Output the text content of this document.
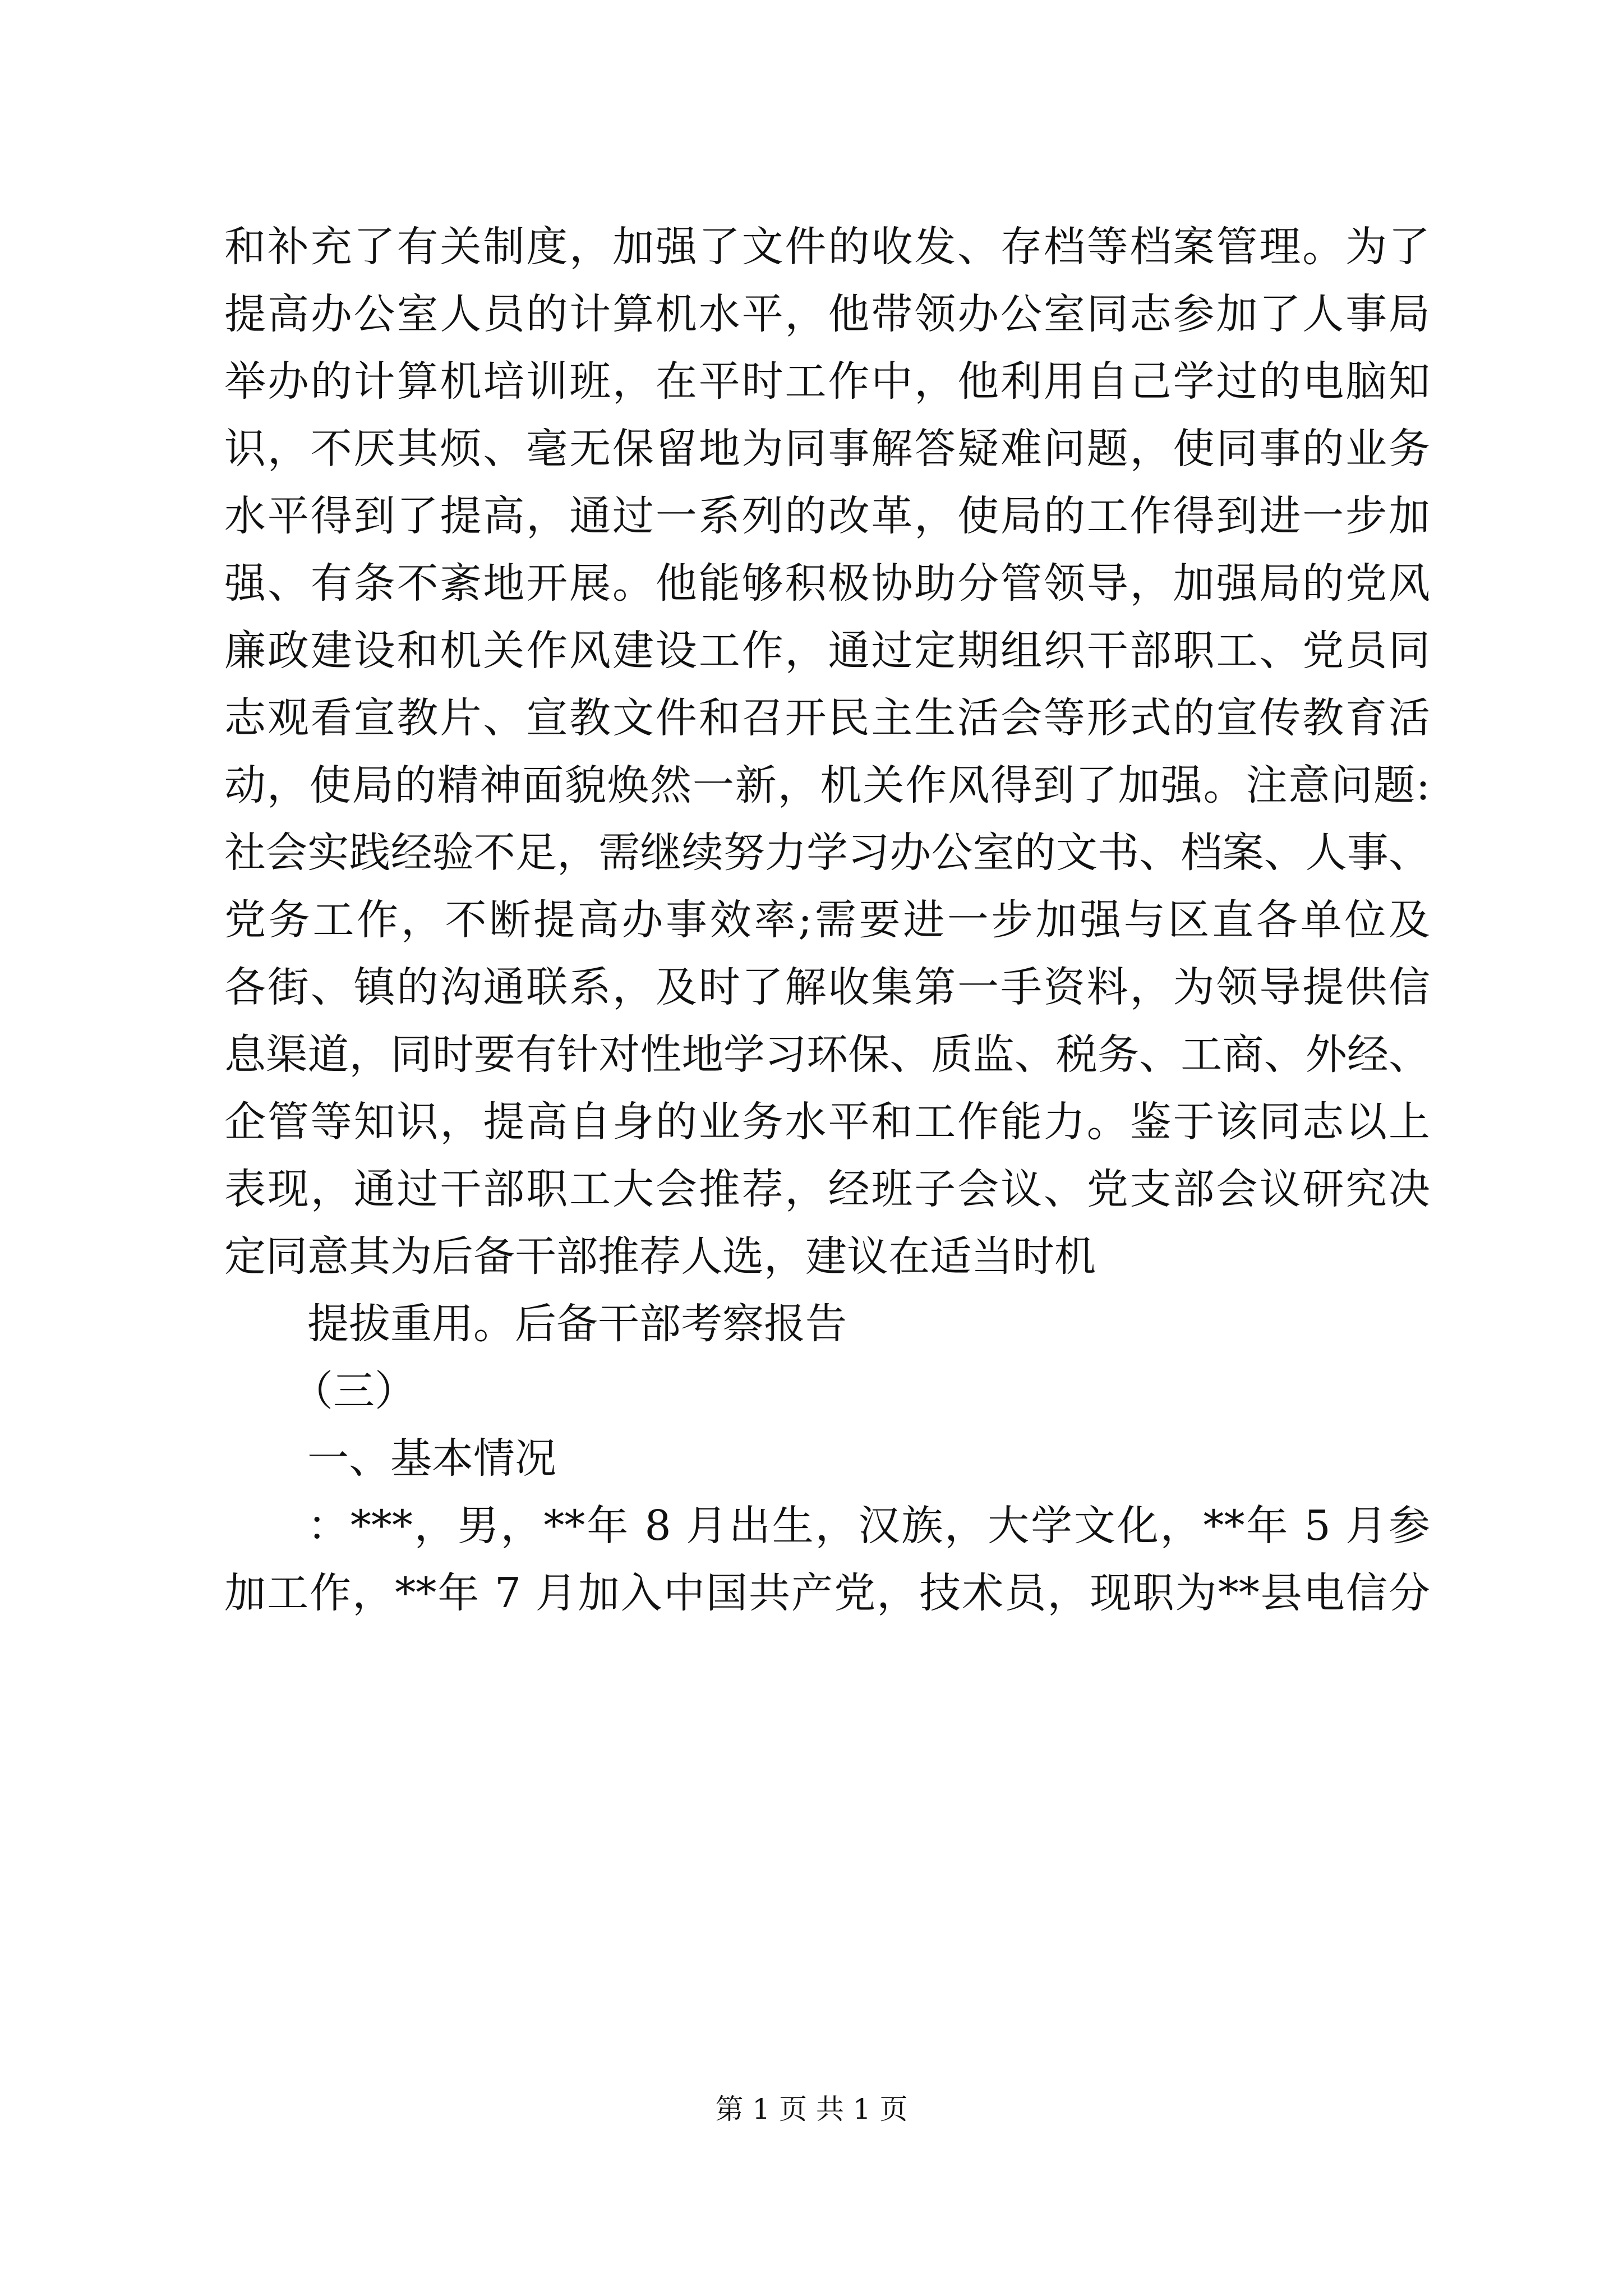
和补充了有关制度，加强了文件的收发、存档等档案管理。为了
提高办公室人员的计算机水平，他带领办公室同志参加了人事局
举办的计算机培训班，在平时工作中，他利用自己学过的电脑知
识，不厌其烦、毫无保留地为同事解答疑难问题，使同事的业务
水平得到了提高，通过一系列的改革，使局的工作得到进一步加
强、有条不紊地开展。他能够积极协助分管领导，加强局的党风
廉政建设和机关作风建设工作，通过定期组织干部职工、党员同
志观看宣教片、宣教文件和召开民主生活会等形式的宣传教育活
动，使局的精神面貌焕然一新，机关作风得到了加强。注意问题:
社会实践经验不足，需继续努力学习办公室的文书、档案、人事、
党务工作，不断提高办事效率;需要进一步加强与区直各单位及
各街、镇的沟通联系，及时了解收集第一手资料，为领导提供信
息渠道，同时要有针对性地学习环保、质监、税务、工商、外经、
企管等知识，提高自身的业务水平和工作能力。鉴于该同志以上
表现，通过干部职工大会推荐，经班子会议、党支部会议研究决
定同意其为后备干部推荐人选，建议在适当时机
提拔重用。后备干部考察报告
（三）
一、基本情况
：***，男，**年 8 月出生，汉族，大学文化，**年 5 月参
加工作，**年 7 月加入中国共产党，技术员，现职为**县电信分
第 1 页 共 1 页
